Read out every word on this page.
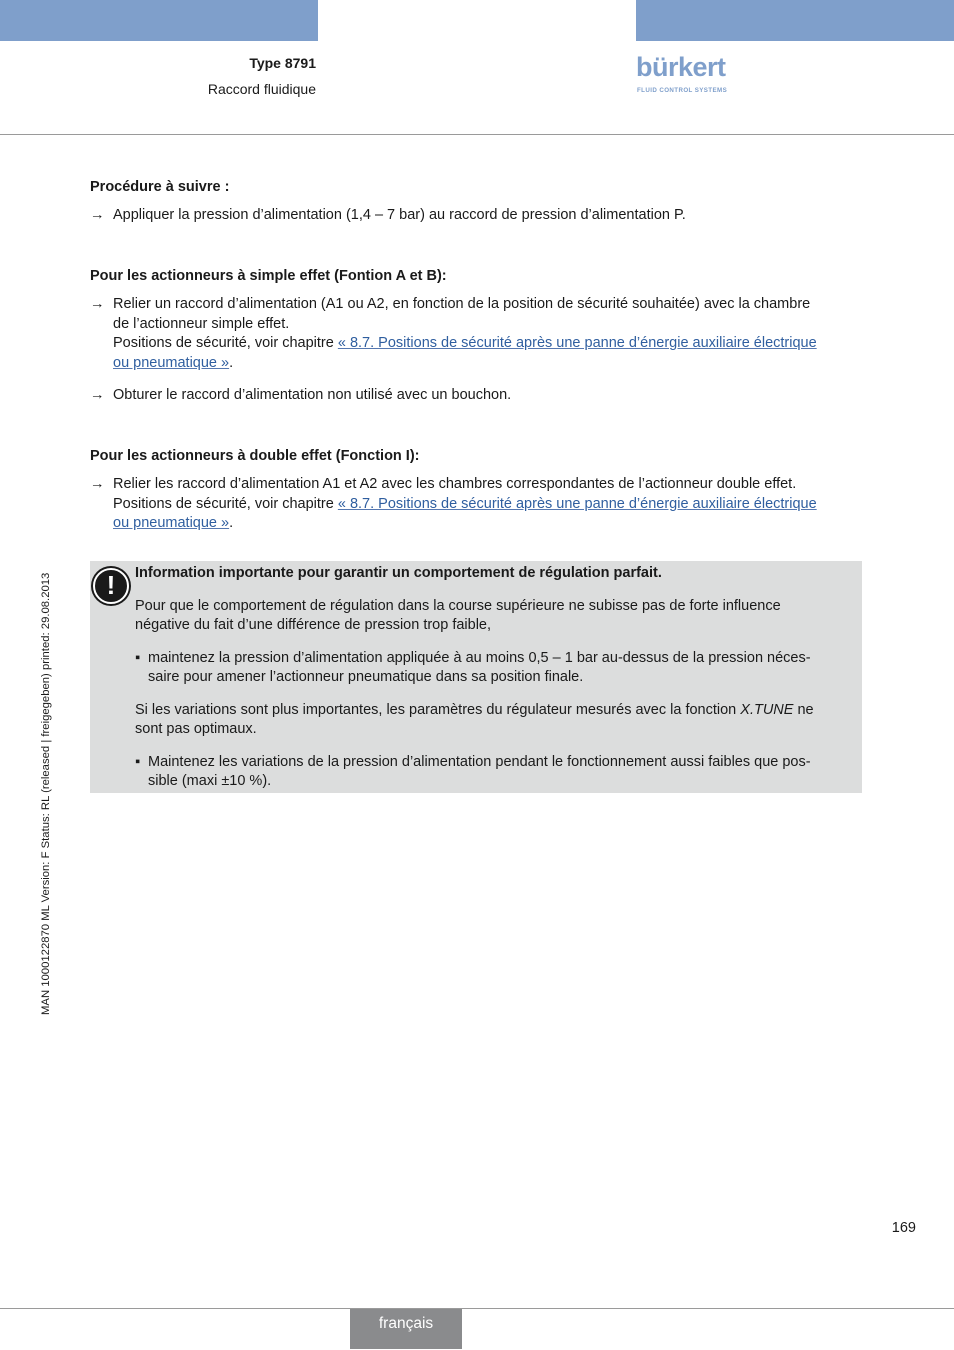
Type 8791
Raccord fluidique
bürkert
FLUID CONTROL SYSTEMS
Procédure à suivre :
→ Appliquer la pression d’alimentation (1,4 – 7 bar) au raccord de pression d’alimentation P.
Pour les actionneurs à simple effet (Fontion A et B):
→ Relier un raccord d’alimentation (A1 ou A2, en fonction de la position de sécurité souhaitée) avec la chambre
de l’actionneur simple effet.
Positions de sécurité, voir chapitre « 8.7. Positions de sécurité après une panne d’énergie auxiliaire électrique
ou pneumatique ».
→ Obturer le raccord d’alimentation non utilisé avec un bouchon.
Pour les actionneurs à double effet (Fonction I):
→ Relier les raccord d’alimentation A1 et A2 avec les chambres correspondantes de l’actionneur double effet.
Positions de sécurité, voir chapitre « 8.7. Positions de sécurité après une panne d’énergie auxiliaire électrique
ou pneumatique ».
!	Information importante pour garantir un comportement de régulation parfait.

Pour que le comportement de régulation dans la course supérieure ne subisse pas de forte influence
négative du fait d’une différence de pression trop faible,

▪ maintenez la pression d’alimentation appliquée à au moins 0,5 – 1 bar au-dessus de la pression néces-
saire pour amener l’actionneur pneumatique dans sa position finale.

Si les variations sont plus importantes, les paramètres du régulateur mesurés avec la fonction X.TUNE ne
sont pas optimaux.

▪ Maintenez les variations de la pression d’alimentation pendant le fonctionnement aussi faibles que pos-
sible (maxi ±10 %).
MAN 1000122870 ML Version: F Status: RL (released | freigegeben) printed: 29.08.2013
169
français
